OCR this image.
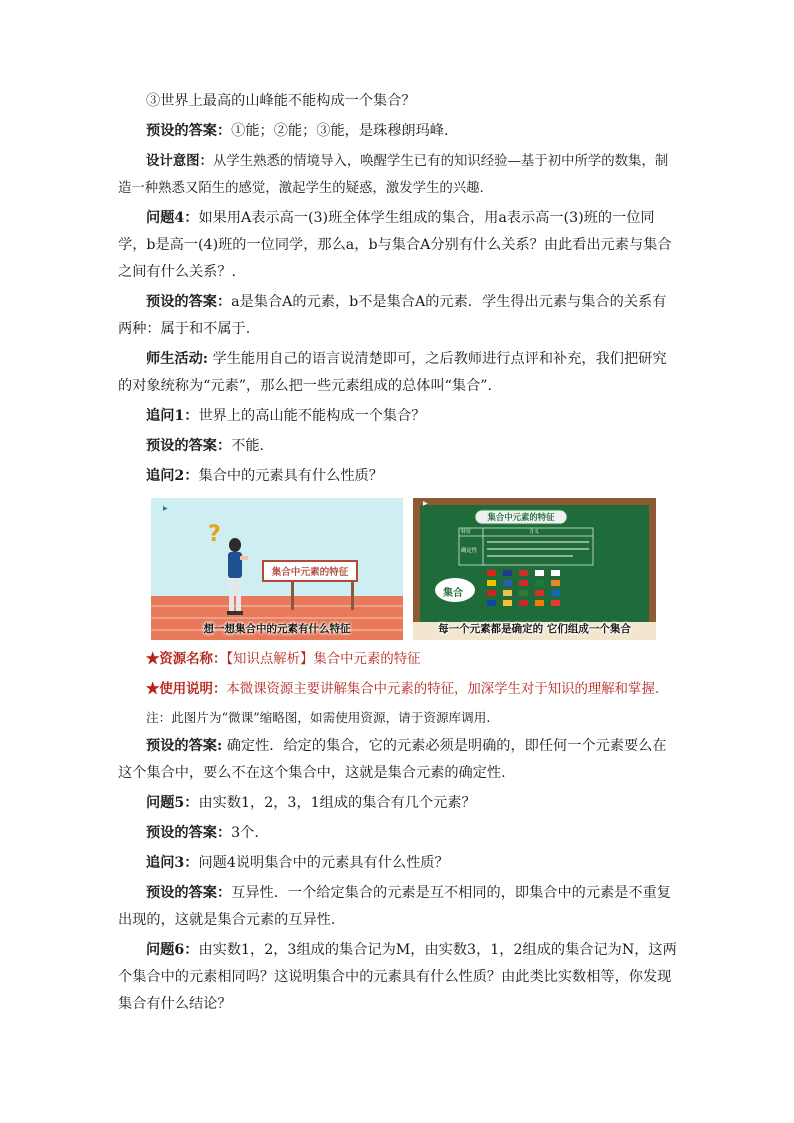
③世界上最高的山峰能不能构成一个集合？

预设的答案：①能；②能；③能，是珠穆朗玛峰.

设计意图：从学生熟悉的情境导入，唤醒学生已有的知识经验—基于初中所学的数集，制造一种熟悉又陌生的感觉，激起学生的疑惑，激发学生的兴趣.

问题4：如果用A表示高一(3)班全体学生组成的集合，用a表示高一(3)班的一位同学，b是高一(4)班的一位同学，那么a，b与集合A分别有什么关系？由此看出元素与集合之间有什么关系？.

预设的答案：a是集合A的元素，b不是集合A的元素．学生得出元素与集合的关系有两种：属于和不属于.

师生活动: 学生能用自己的语言说清楚即可，之后教师进行点评和补充，我们把研究的对象统称为“元素”，那么把一些元素组成的总体叫“集合”.

追问1：世界上的高山能不能构成一个集合？

预设的答案：不能.

追问2：集合中的元素具有什么性质？

▶
?
集合中元素的特征
想一想集合中的元素有什么特征
▶
集合中元素的特征
特征	含义
确定性
集合
每一个元素都是确定的 它们组成一个集合

★资源名称：【知识点解析】集合中元素的特征

★使用说明：本微课资源主要讲解集合中元素的特征，加深学生对于知识的理解和掌握.

注：此图片为“微课”缩略图，如需使用资源，请于资源库调用.

预设的答案: 确定性．给定的集合，它的元素必须是明确的，即任何一个元素要么在这个集合中，要么不在这个集合中，这就是集合元素的确定性.

问题5：由实数1，2，3，1组成的集合有几个元素？

预设的答案：3个.

追问3：问题4说明集合中的元素具有什么性质？

预设的答案：互异性．一个给定集合的元素是互不相同的，即集合中的元素是不重复出现的，这就是集合元素的互异性.

问题6：由实数1，2，3组成的集合记为M，由实数3，1，2组成的集合记为N，这两个集合中的元素相同吗？这说明集合中的元素具有什么性质？由此类比实数相等，你发现集合有什么结论？
